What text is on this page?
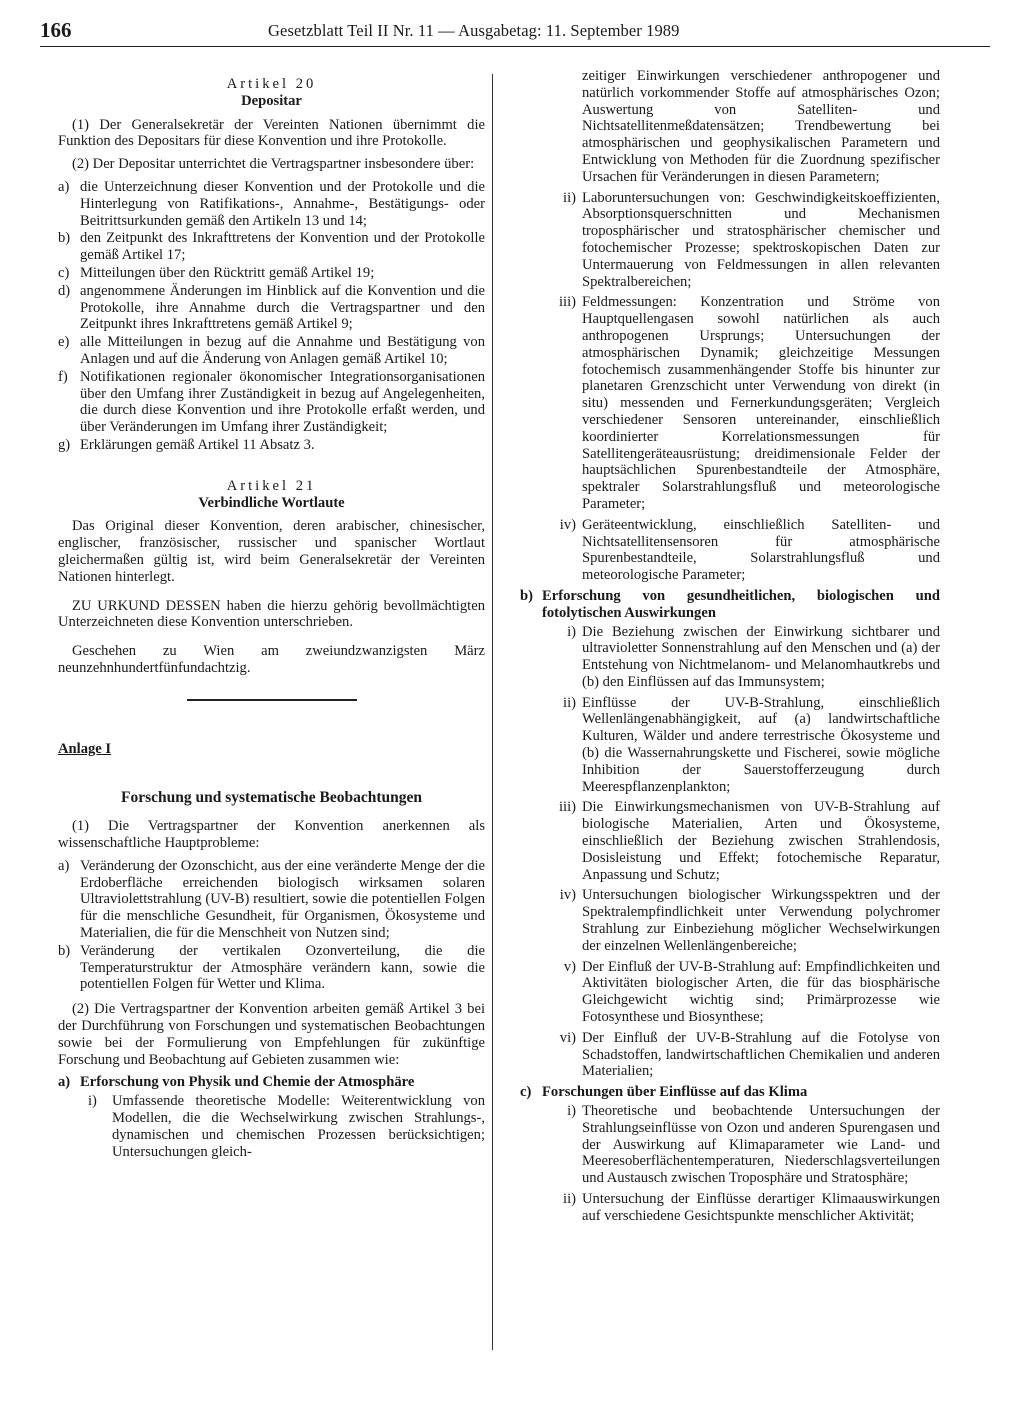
166	Gesetzblatt Teil II Nr. 11 — Ausgabetag: 11. September 1989

Artikel 20

Depositar

(1) Der Generalsekretär der Vereinten Nationen übernimmt die Funktion des Depositars für diese Konvention und ihre Protokolle.

(2) Der Depositar unterrichtet die Vertragspartner insbesondere über:

a) die Unterzeichnung dieser Konvention und der Protokolle und die Hinterlegung von Ratifikations-, Annahme-, Bestätigungs- oder Beitrittsurkunden gemäß den Artikeln 13 und 14;
b) den Zeitpunkt des Inkrafttretens der Konvention und der Protokolle gemäß Artikel 17;
c) Mitteilungen über den Rücktritt gemäß Artikel 19;
d) angenommene Änderungen im Hinblick auf die Konvention und die Protokolle, ihre Annahme durch die Vertragspartner und den Zeitpunkt ihres Inkrafttretens gemäß Artikel 9;
e) alle Mitteilungen in bezug auf die Annahme und Bestätigung von Anlagen und auf die Änderung von Anlagen gemäß Artikel 10;
f) Notifikationen regionaler ökonomischer Integrationsorganisationen über den Umfang ihrer Zuständigkeit in bezug auf Angelegenheiten, die durch diese Konvention und ihre Protokolle erfaßt werden, und über Veränderungen im Umfang ihrer Zuständigkeit;
g) Erklärungen gemäß Artikel 11 Absatz 3.

Artikel 21

Verbindliche Wortlaute

Das Original dieser Konvention, deren arabischer, chinesischer, englischer, französischer, russischer und spanischer Wortlaut gleichermaßen gültig ist, wird beim Generalsekretär der Vereinten Nationen hinterlegt.

ZU URKUND DESSEN haben die hierzu gehörig bevollmächtigten Unterzeichneten diese Konvention unterschrieben.

Geschehen zu Wien am zweiundzwanzigsten März neunzehnhundertfünfundachtzig.

Anlage I

Forschung und systematische Beobachtungen

(1) Die Vertragspartner der Konvention anerkennen als wissenschaftliche Hauptprobleme:

a) Veränderung der Ozonschicht, aus der eine veränderte Menge der die Erdoberfläche erreichenden biologisch wirksamen solaren Ultraviolettstrahlung (UV-B) resultiert, sowie die potentiellen Folgen für die menschliche Gesundheit, für Organismen, Ökosysteme und Materialien, die für die Menschheit von Nutzen sind;
b) Veränderung der vertikalen Ozonverteilung, die die Temperaturstruktur der Atmosphäre verändern kann, sowie die potentiellen Folgen für Wetter und Klima.

(2) Die Vertragspartner der Konvention arbeiten gemäß Artikel 3 bei der Durchführung von Forschungen und systematischen Beobachtungen sowie bei der Formulierung von Empfehlungen für zukünftige Forschung und Beobachtung auf Gebieten zusammen wie:

a) Erforschung von Physik und Chemie der Atmosphäre
i)	Umfassende theoretische Modelle: Weiterentwicklung von Modellen, die die Wechselwirkung zwischen Strahlungs-, dynamischen und chemischen Prozessen berücksichtigen; Untersuchungen gleich-

zeitiger Einwirkungen verschiedener anthropogener und natürlich vorkommender Stoffe auf atmosphärisches Ozon; Auswertung von Satelliten- und Nichtsatellitenmeßdatensätzen; Trendbewertung bei atmosphärischen und geophysikalischen Parametern und Entwicklung von Methoden für die Zuordnung spezifischer Ursachen für Veränderungen in diesen Parametern;

ii) Laboruntersuchungen von: Geschwindigkeitskoeffizienten, Absorptionsquerschnitten und Mechanismen troposphärischer und stratosphärischer chemischer und fotochemischer Prozesse; spektroskopischen Daten zur Untermauerung von Feldmessungen in allen relevanten Spektralbereichen;
iii) Feldmessungen: Konzentration und Ströme von Hauptquellengasen sowohl natürlichen als auch anthropogenen Ursprungs; Untersuchungen der atmosphärischen Dynamik; gleichzeitige Messungen fotochemisch zusammenhängender Stoffe bis hinunter zur planetaren Grenzschicht unter Verwendung von direkt (in situ) messenden und Fernerkundungsgeräten; Vergleich verschiedener Sensoren untereinander, einschließlich koordinierter Korrelationsmessungen für Satellitengeräteausrüstung; dreidimensionale Felder der hauptsächlichen Spurenbestandteile der Atmosphäre, spektraler Solarstrahlungsfluß und meteorologische Parameter;
iv) Geräteentwicklung, einschließlich Satelliten- und Nichtsatellitensensoren für atmosphärische Spurenbestandteile, Solarstrahlungsfluß und meteorologische Parameter;
b) Erforschung von gesundheitlichen, biologischen und fotolytischen Auswirkungen
i) Die Beziehung zwischen der Einwirkung sichtbarer und ultravioletter Sonnenstrahlung auf den Menschen und (a) der Entstehung von Nichtmelanom- und Melanomhautkrebs und (b) den Einflüssen auf das Immunsystem;
ii) Einflüsse der UV-B-Strahlung, einschließlich Wellenlängenabhängigkeit, auf (a) landwirtschaftliche Kulturen, Wälder und andere terrestrische Ökosysteme und (b) die Wassernahrungskette und Fischerei, sowie mögliche Inhibition der Sauerstofferzeugung durch Meerespflanzenplankton;
iii) Die Einwirkungsmechanismen von UV-B-Strahlung auf biologische Materialien, Arten und Ökosysteme, einschließlich der Beziehung zwischen Strahlendosis, Dosisleistung und Effekt; fotochemische Reparatur, Anpassung und Schutz;
iv) Untersuchungen biologischer Wirkungsspektren und der Spektralempfindlichkeit unter Verwendung polychromer Strahlung zur Einbeziehung möglicher Wechselwirkungen der einzelnen Wellenlängenbereiche;
v) Der Einfluß der UV-B-Strahlung auf: Empfindlichkeiten und Aktivitäten biologischer Arten, die für das biosphärische Gleichgewicht wichtig sind; Primärprozesse wie Fotosynthese und Biosynthese;
vi) Der Einfluß der UV-B-Strahlung auf die Fotolyse von Schadstoffen, landwirtschaftlichen Chemikalien und anderen Materialien;
c) Forschungen über Einflüsse auf das Klima
i) Theoretische und beobachtende Untersuchungen der Strahlungseinflüsse von Ozon und anderen Spurengasen und der Auswirkung auf Klimaparameter wie Land- und Meeresoberflächentemperaturen, Niederschlagsverteilungen und Austausch zwischen Troposphäre und Stratosphäre;
ii) Untersuchung der Einflüsse derartiger Klimaauswirkungen auf verschiedene Gesichtspunkte menschlicher Aktivität;
